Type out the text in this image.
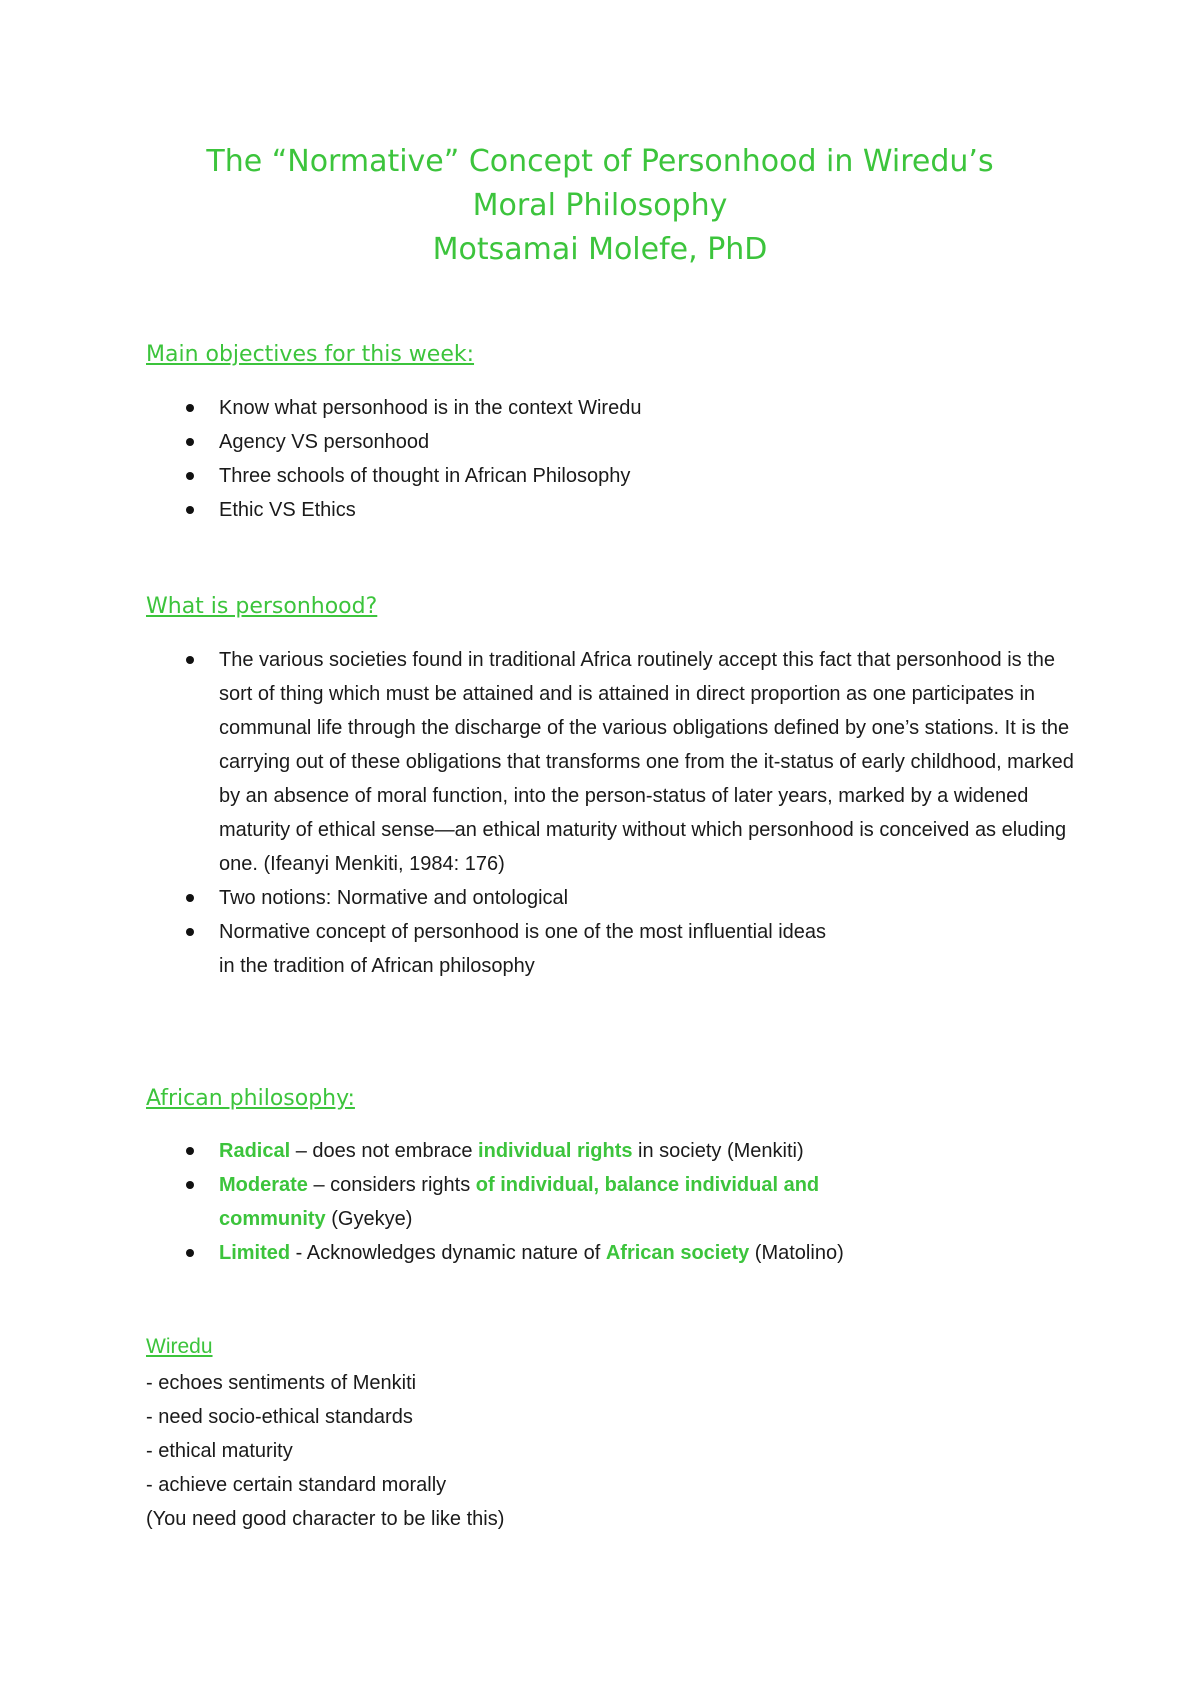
The “Normative” Concept of Personhood in Wiredu’s
Moral Philosophy
Motsamai Molefe, PhD
Main objectives for this week:
Know what personhood is in the context Wiredu
Agency VS personhood
Three schools of thought in African Philosophy
Ethic VS Ethics
What is personhood?
The various societies found in traditional Africa routinely accept this fact that personhood is the sort of thing which must be attained and is attained in direct proportion as one participates in communal life through the discharge of the various obligations defined by one’s stations. It is the carrying out of these obligations that transforms one from the it-status of early childhood, marked by an absence of moral function, into the person-status of later years, marked by a widened maturity of ethical sense—an ethical maturity without which personhood is conceived as eluding one. (Ifeanyi Menkiti, 1984: 176)
Two notions: Normative and ontological
Normative concept of personhood is one of the most influential ideas
in the tradition of African philosophy
African philosophy:
Radical – does not embrace individual rights in society (Menkiti)
Moderate – considers rights of individual, balance individual and community (Gyekye)
Limited - Acknowledges dynamic nature of African society (Matolino)
Wiredu
- echoes sentiments of Menkiti
- need socio-ethical standards
- ethical maturity
- achieve certain standard morally
(You need good character to be like this)
